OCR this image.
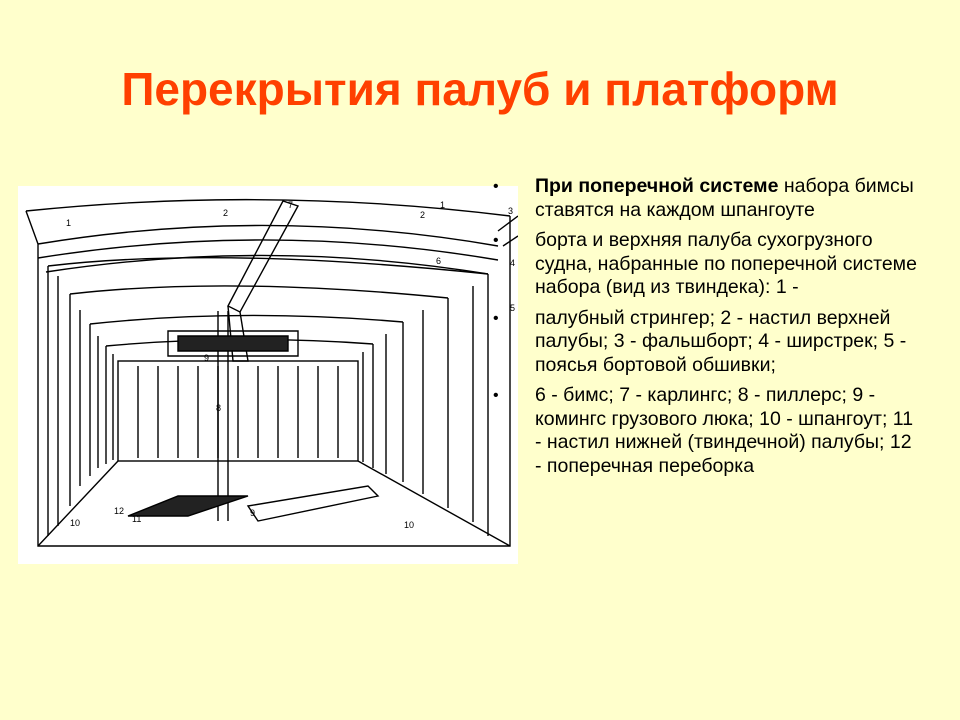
Перекрытия палуб и платформ
1
2
7
2
1
3
4
5
6
9
8
12
11
10
9
10
• При поперечной системе набора бимсы ставятся на каждом шпангоуте
• борта и верхняя палуба сухогрузного судна, набранные по поперечной системе набора (вид из твиндека): 1 -
• палубный стрингер; 2 - настил верхней палубы; 3 - фальшборт; 4 - ширстрек; 5 - поясья бортовой обшивки;
• 6 - бимс; 7 - карлингс; 8 - пиллерс; 9 - комингс грузового люка; 10 - шпангоут; 11 - настил нижней (твиндечной) палубы; 12 - поперечная переборка
